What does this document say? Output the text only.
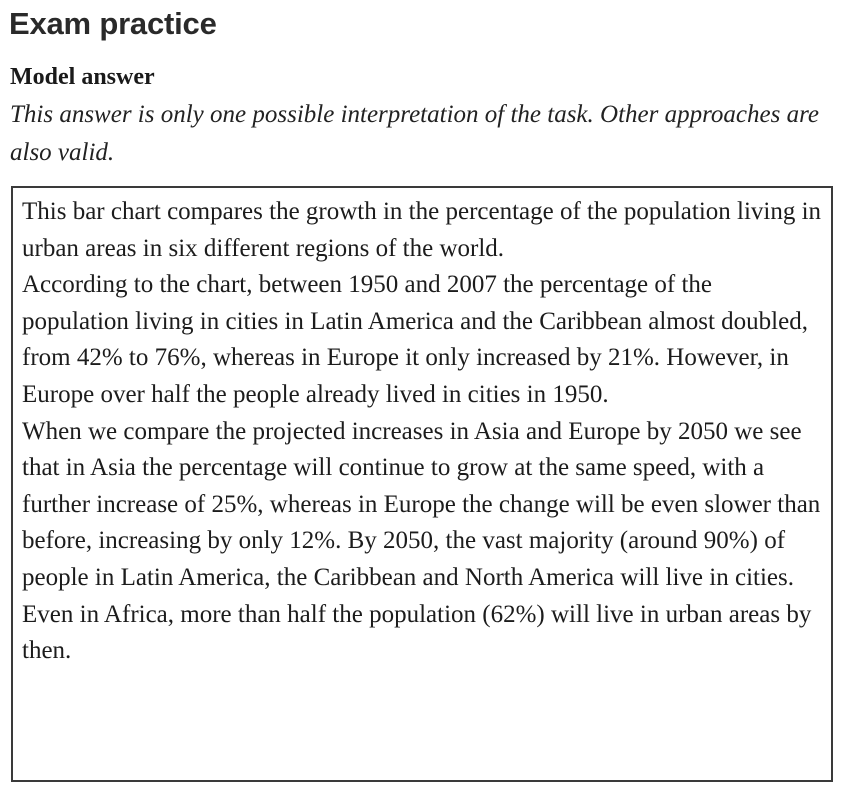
Exam practice
Model answer

This answer is only one possible interpretation of the task. Other approaches are also valid.

This bar chart compares the growth in the percentage of the population living in urban areas in six different regions of the world.

According to the chart, between 1950 and 2007 the percentage of the population living in cities in Latin America and the Caribbean almost doubled, from 42% to 76%, whereas in Europe it only increased by 21%. However, in Europe over half the people already lived in cities in 1950.

When we compare the projected increases in Asia and Europe by 2050 we see that in Asia the percentage will continue to grow at the same speed, with a further increase of 25%, whereas in Europe the change will be even slower than before, increasing by only 12%. By 2050, the vast majority (around 90%) of people in Latin America, the Caribbean and North America will live in cities. Even in Africa, more than half the population (62%) will live in urban areas by then.
